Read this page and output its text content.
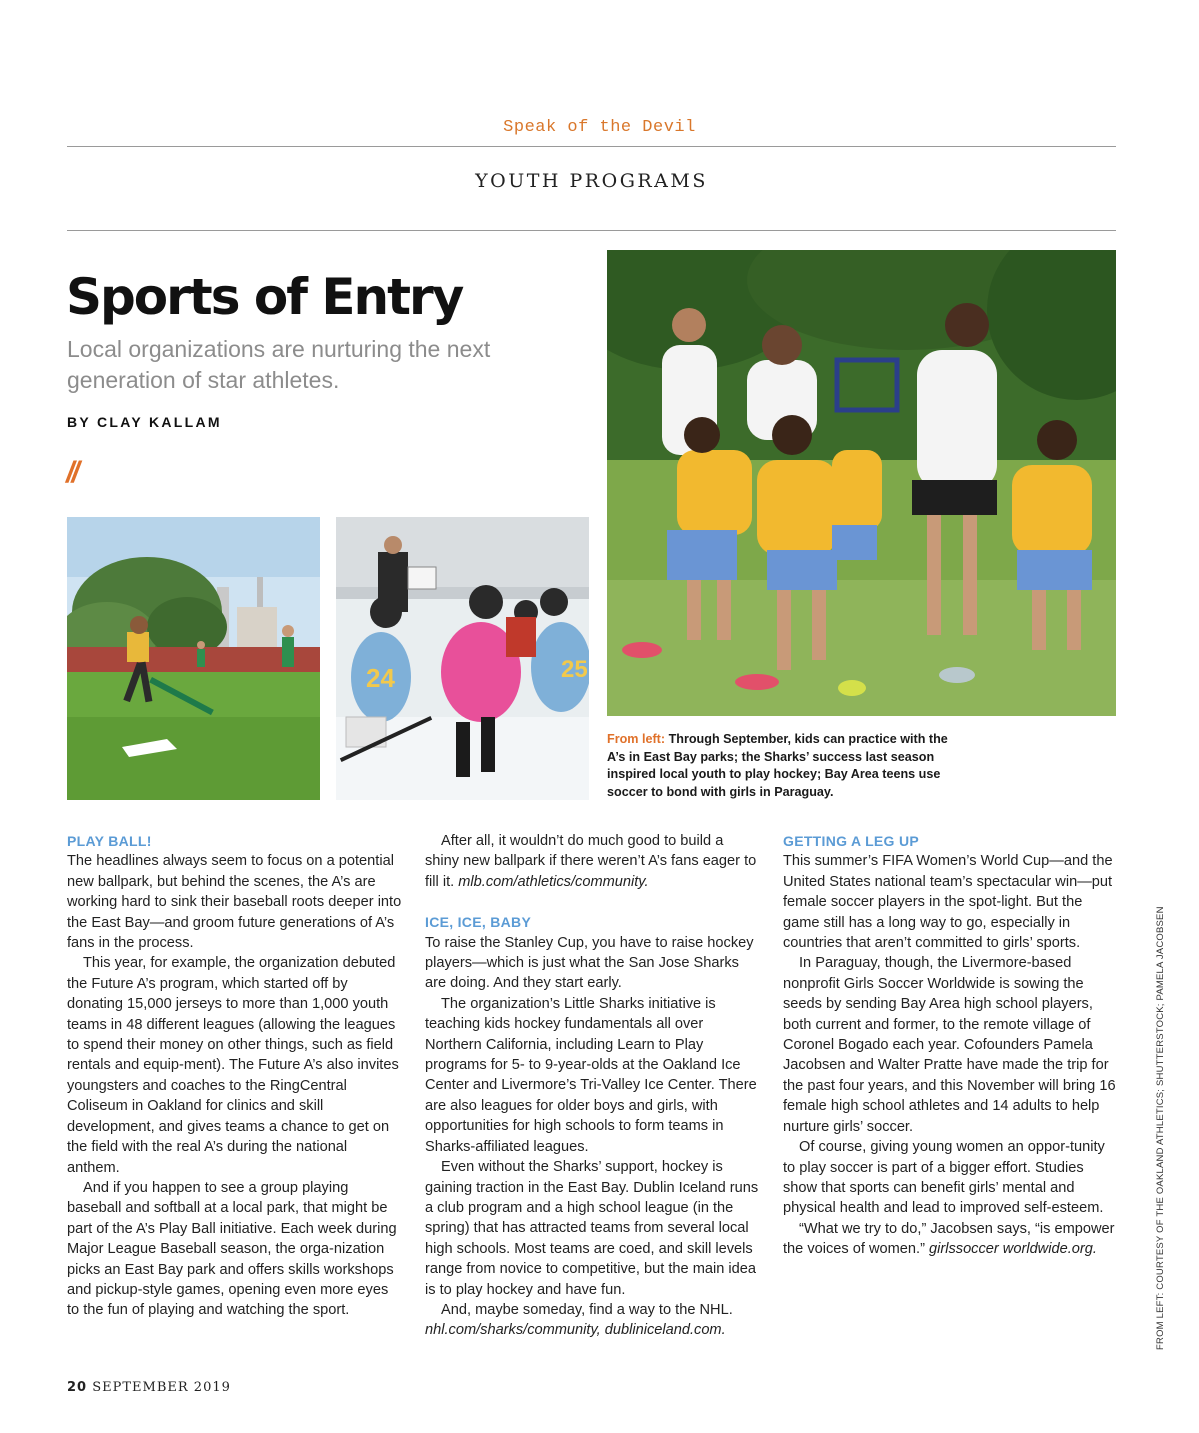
Speak of the Devil
YOUTH PROGRAMS
Sports of Entry
Local organizations are nurturing the next generation of star athletes.
BY CLAY KALLAM
//
24	25
From left: Through September, kids can practice with the A’s in East Bay parks; the Sharks’ success last season inspired local youth to play hockey; Bay Area teens use soccer to bond with girls in Paraguay.
PLAY BALL!

The headlines always seem to focus on a potential new ballpark, but behind the scenes, the A’s are working hard to sink their baseball roots deeper into the East Bay—and groom future generations of A’s fans in the process.

This year, for example, the organization debuted the Future A’s program, which started off by donating 15,000 jerseys to more than 1,000 youth teams in 48 different leagues (allowing the leagues to spend their money on other things, such as field rentals and equip-ment). The Future A’s also invites youngsters and coaches to the RingCentral Coliseum in Oakland for clinics and skill development, and gives teams a chance to get on the field with the real A’s during the national anthem.

And if you happen to see a group playing baseball and softball at a local park, that might be part of the A’s Play Ball initiative. Each week during Major League Baseball season, the orga-nization picks an East Bay park and offers skills workshops and pickup-style games, opening even more eyes to the fun of playing and watching the sport.

After all, it wouldn’t do much good to build a shiny new ballpark if there weren’t A’s fans eager to fill it. mlb.com/athletics/community.

ICE, ICE, BABY

To raise the Stanley Cup, you have to raise hockey players—which is just what the San Jose Sharks are doing. And they start early.

The organization’s Little Sharks initiative is teaching kids hockey fundamentals all over Northern California, including Learn to Play programs for 5- to 9-year-olds at the Oakland Ice Center and Livermore’s Tri-Valley Ice Center. There are also leagues for older boys and girls, with opportunities for high schools to form teams in Sharks-affiliated leagues.

Even without the Sharks’ support, hockey is gaining traction in the East Bay. Dublin Iceland runs a club program and a high school league (in the spring) that has attracted teams from several local high schools. Most teams are coed, and skill levels range from novice to competitive, but the main idea is to play hockey and have fun.

And, maybe someday, find a way to the NHL.

nhl.com/sharks/community, dubliniceland.com.

GETTING A LEG UP

This summer’s FIFA Women’s World Cup—and the United States national team’s spectacular win—put female soccer players in the spot-light. But the game still has a long way to go, especially in countries that aren’t committed to girls’ sports.

In Paraguay, though, the Livermore-based nonprofit Girls Soccer Worldwide is sowing the seeds by sending Bay Area high school players, both current and former, to the remote village of Coronel Bogado each year. Cofounders Pamela Jacobsen and Walter Pratte have made the trip for the past four years, and this November will bring 16 female high school athletes and 14 adults to help nurture girls’ soccer.

Of course, giving young women an oppor-tunity to play soccer is part of a bigger effort. Studies show that sports can benefit girls’ mental and physical health and lead to improved self-esteem.

“What we try to do,” Jacobsen says, “is empower the voices of women.” girlssoccer worldwide.org.	FROM LEFT: COURTESY OF THE OAKLAND ATHLETICS; SHUTTERSTOCK; PAMELA JACOBSEN
20 SEPTEMBER 2019
